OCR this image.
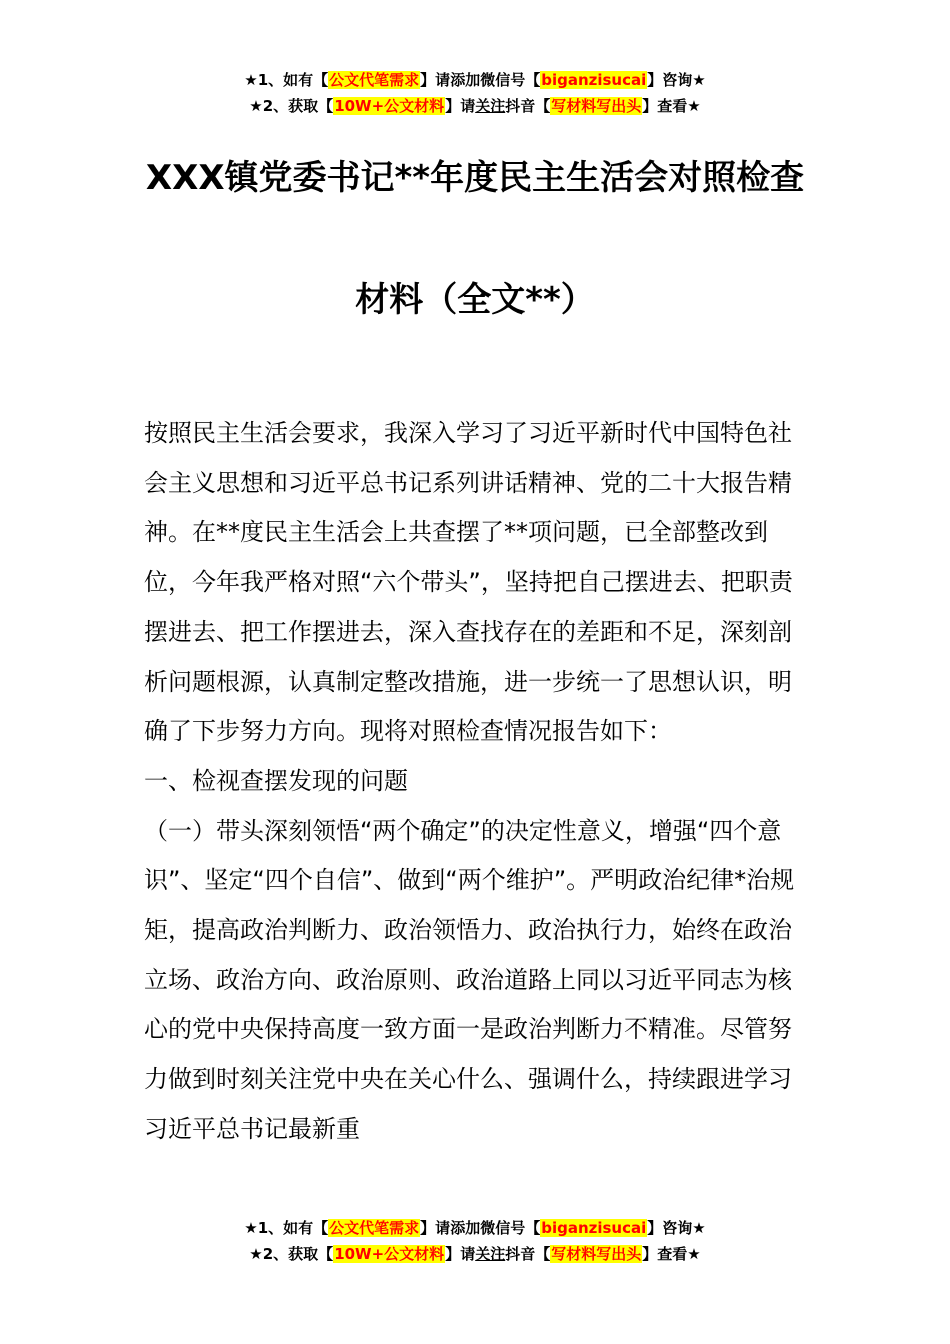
★1、如有【公文代笔需求】请添加微信号【biganzisucai】咨询★
★2、获取【10W+公文材料】请关注抖音【写材料写出头】查看★
XXX镇党委书记**年度民主生活会对照检查
材料（全文**）

按照民主生活会要求，我深入学习了习近平新时代中国特色社会主义思想和习近平总书记系列讲话精神、党的二十大报告精神。在**度民主生活会上共查摆了**项问题，已全部整改到位，今年我严格对照“六个带头”，坚持把自己摆进去、把职责摆进去、把工作摆进去，深入查找存在的差距和不足，深刻剖析问题根源，认真制定整改措施，进一步统一了思想认识，明确了下步努力方向。现将对照检查情况报告如下：

一、检视查摆发现的问题

（一）带头深刻领悟“两个确定”的决定性意义，增强“四个意识”、坚定“四个自信”、做到“两个维护”。严明政治纪律*治规矩，提高政治判断力、政治领悟力、政治执行力，始终在政治立场、政治方向、政治原则、政治道路上同以习近平同志为核心的党中央保持高度一致方面一是政治判断力不精准。尽管努力做到时刻关注党中央在关心什么、强调什么，持续跟进学习习近平总书记最新重

★1、如有【公文代笔需求】请添加微信号【biganzisucai】咨询★
★2、获取【10W+公文材料】请关注抖音【写材料写出头】查看★
